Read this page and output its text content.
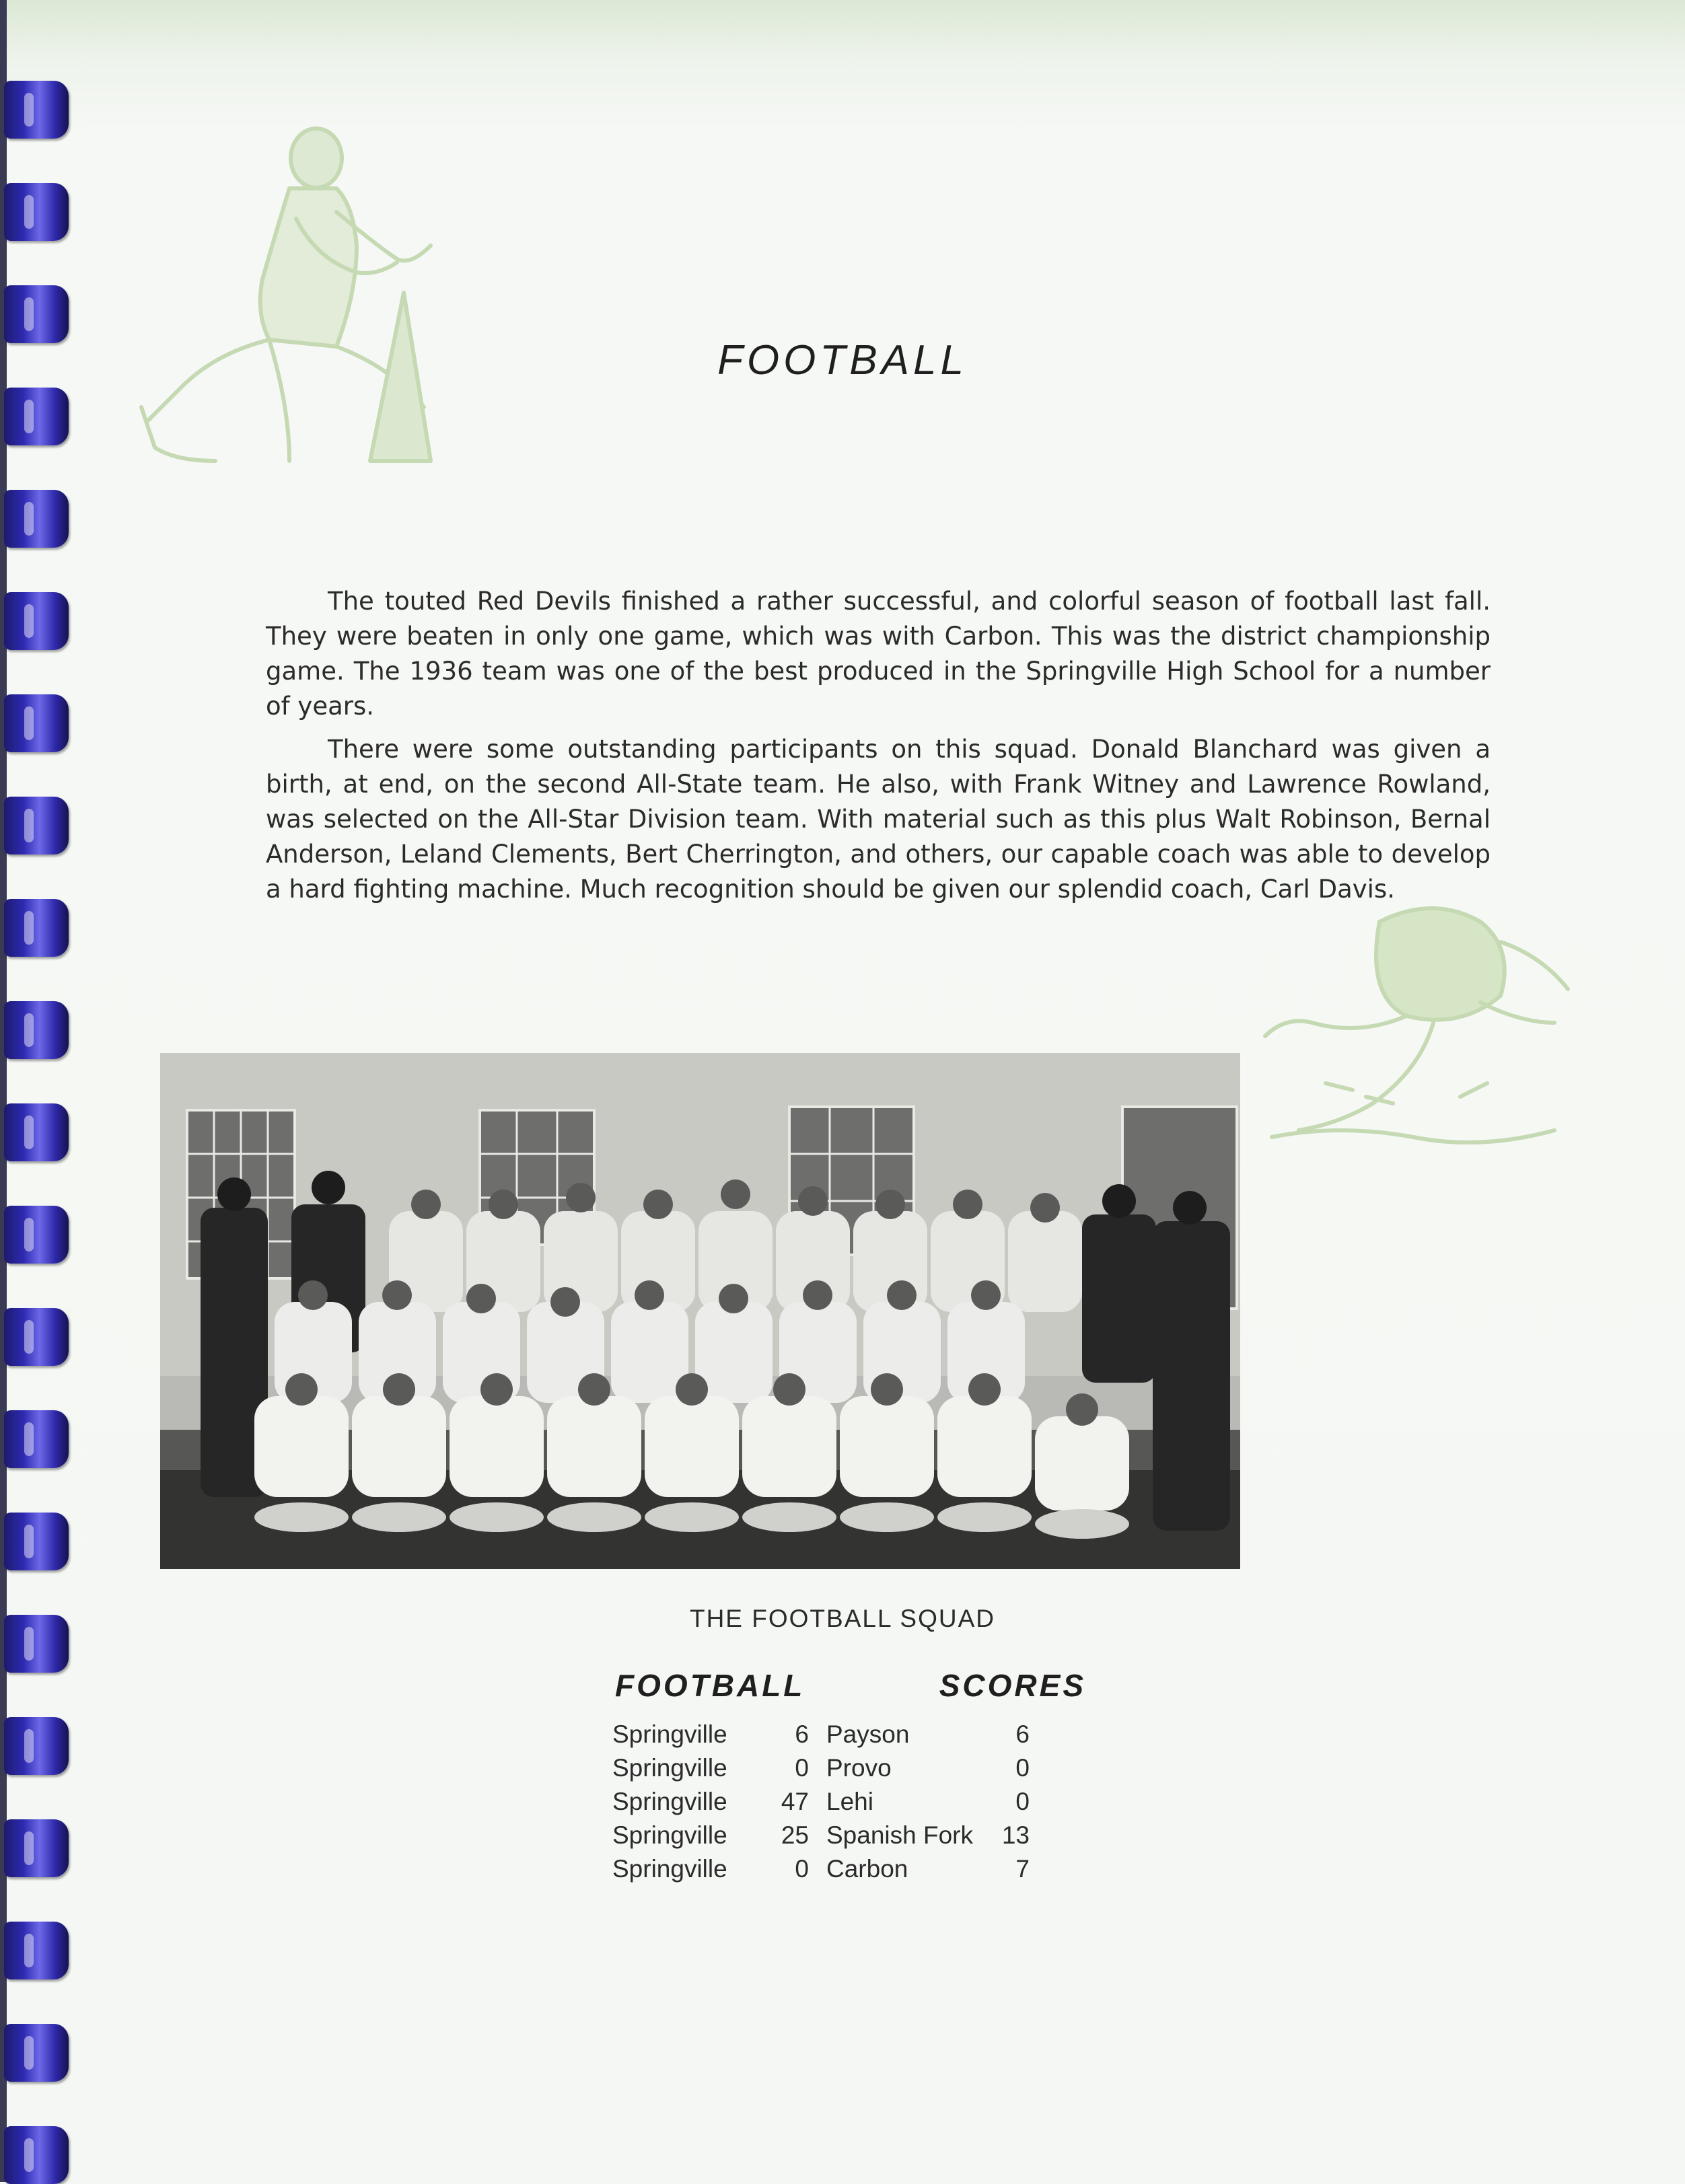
FOOTBALL

The touted Red Devils finished a rather successful, and colorful season of football last fall. They were beaten in only one game, which was with Carbon. This was the district championship game. The 1936 team was one of the best produced in the Springville High School for a number of years.

There were some outstanding participants on this squad. Donald Blanchard was given a birth, at end, on the second All-State team. He also, with Frank Witney and Lawrence Rowland, was selected on the All-Star Division team. With material such as this plus Walt Robinson, Bernal Anderson, Leland Clements, Bert Cherrington, and others, our capable coach was able to develop a hard fighting machine. Much recognition should be given our splendid coach, Carl Davis.

THE FOOTBALL SQUAD
FOOTBALL	SCORES
Springville	6 Payson	6
Springville	0 Provo	0
Springville	47 Lehi	0
Springville	25 Spanish Fork	13
Springville	0 Carbon	7
